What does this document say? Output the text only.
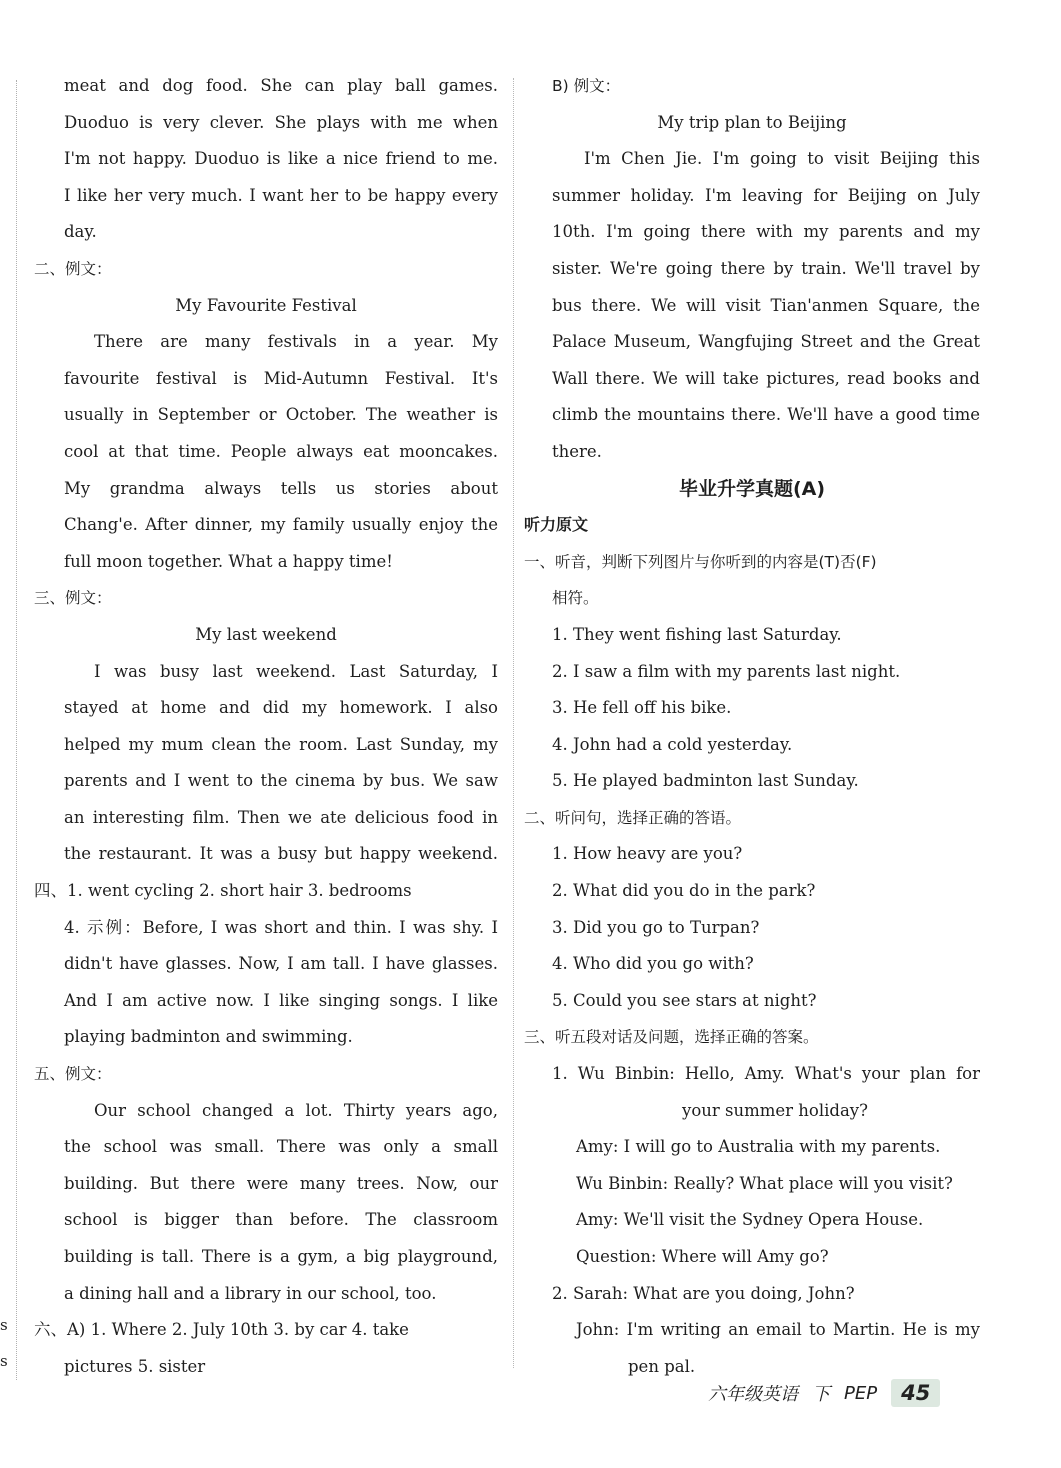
s
s
meat and dog food. She can play ball games.
Duoduo is very clever. She plays with me when
I'm not happy. Duoduo is like a nice friend to me.
I like her very much. I want her to be happy every
day.
二、例文：
My Favourite Festival
There are many festivals in a year. My
favourite festival is Mid-Autumn Festival. It's
usually in September or October. The weather is
cool at that time. People always eat mooncakes.
My grandma always tells us stories about
Chang'e. After dinner, my family usually enjoy the
full moon together. What a happy time!
三、例文：
My last weekend
I was busy last weekend. Last Saturday, I
stayed at home and did my homework. I also
helped my mum clean the room. Last Sunday, my
parents and I went to the cinema by bus. We saw
an interesting film. Then we ate delicious food in
the restaurant. It was a busy but happy weekend.
四、1. went cycling 2. short hair 3. bedrooms
4. 示例：Before, I was short and thin. I was shy. I
didn't have glasses. Now, I am tall. I have glasses.
And I am active now. I like singing songs. I like
playing badminton and swimming.
五、例文：
Our school changed a lot. Thirty years ago,
the school was small. There was only a small
building. But there were many trees. Now, our
school is bigger than before. The classroom
building is tall. There is a gym, a big playground,
a dining hall and a library in our school, too.
六、A) 1. Where 2. July 10th 3. by car 4. take
pictures 5. sister
B) 例文：
My trip plan to Beijing
I'm Chen Jie. I'm going to visit Beijing this
summer holiday. I'm leaving for Beijing on July
10th. I'm going there with my parents and my
sister. We're going there by train. We'll travel by
bus there. We will visit Tian'anmen Square, the
Palace Museum, Wangfujing Street and the Great
Wall there. We will take pictures, read books and
climb the mountains there. We'll have a good time
there.
毕业升学真题(A)
听力原文
一、听音，判断下列图片与你听到的内容是(T)否(F)
相符。
1. They went fishing last Saturday.
2. I saw a film with my parents last night.
3. He fell off his bike.
4. John had a cold yesterday.
5. He played badminton last Sunday.
二、听问句，选择正确的答语。
1. How heavy are you?
2. What did you do in the park?
3. Did you go to Turpan?
4. Who did you go with?
5. Could you see stars at night?
三、听五段对话及问题，选择正确的答案。
1. Wu Binbin: Hello, Amy. What's your plan for
your summer holiday?
Amy: I will go to Australia with my parents.
Wu Binbin: Really? What place will you visit?
Amy: We'll visit the Sydney Opera House.
Question: Where will Amy go?
2. Sarah: What are you doing, John?
John: I'm writing an email to Martin. He is my
pen pal.
六年级英语 下 PEP	45
